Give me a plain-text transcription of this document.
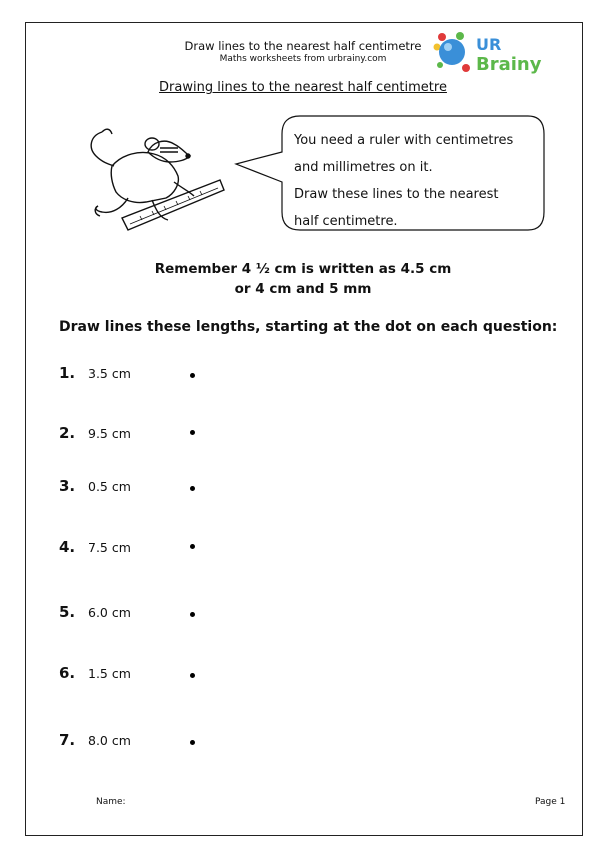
Draw lines to the nearest half centimetre
Maths worksheets from urbrainy.com
UR
Brainy
Drawing lines to the nearest half centimetre
You need a ruler with centimetres
and millimetres on it.
Draw these lines to the nearest
half centimetre.
Remember 4 ½ cm is written as 4.5 cm
or 4 cm and 5 mm
Draw lines these lengths, starting at the dot on each question:
1. 3.5 cm
2. 9.5 cm
3. 0.5 cm
4. 7.5 cm
5. 6.0 cm
6. 1.5 cm
7. 8.0 cm
Name:	Page 1
